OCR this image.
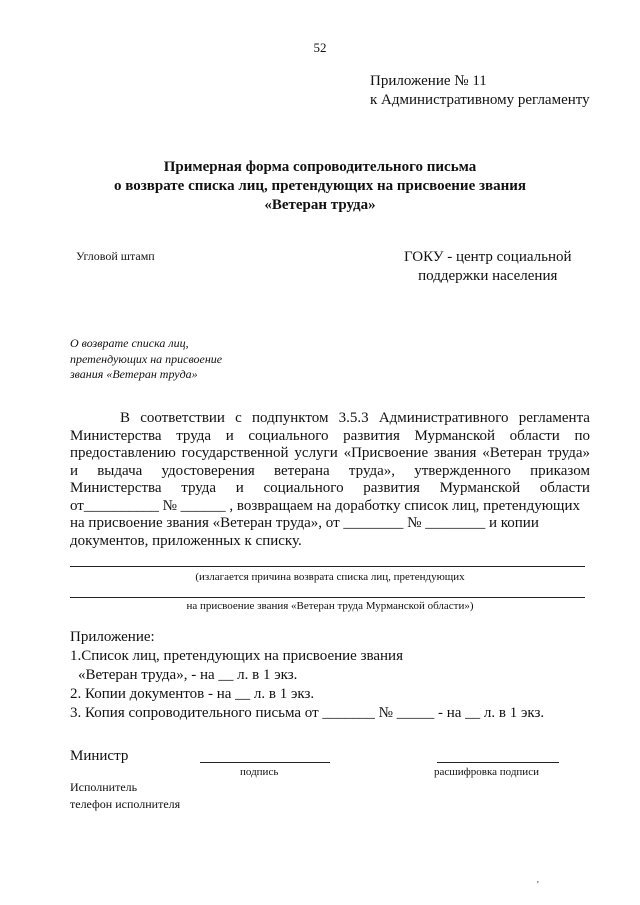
52
Приложение № 11
к Административному регламенту
Примерная форма сопроводительного письма
о возврате списка лиц, претендующих на присвоение звания
«Ветеран труда»
Угловой штамп	ГОКУ - центр социальной
поддержки населения
О возврате списка лиц,
претендующих на присвоение
звания «Ветеран труда»
В соответствии с подпунктом 3.5.3 Административного регламента
Министерства труда и социального развития Мурманской области по
предоставлению государственной услуги «Присвоение звания «Ветеран труда»
и выдача удостоверения ветерана труда», утвержденного приказом
Министерства труда и социального развития Мурманской области
от__________ № ______ , возвращаем на доработку список лиц, претендующих
на присвоение звания «Ветеран труда», от ________ № ________ и копии
документов, приложенных к списку.
(излагается причина возврата списка лиц, претендующих
на присвоение звания «Ветеран труда Мурманской области»)
Приложение:
1.Список лиц, претендующих на присвоение звания
«Ветеран труда», - на __ л. в 1 экз.
2. Копии документов - на __ л. в 1 экз.
3. Копия сопроводительного письма от _______ № _____ - на __ л. в 1 экз.
Министр
подпись	расшифровка подписи
Исполнитель
телефон исполнителя
'
